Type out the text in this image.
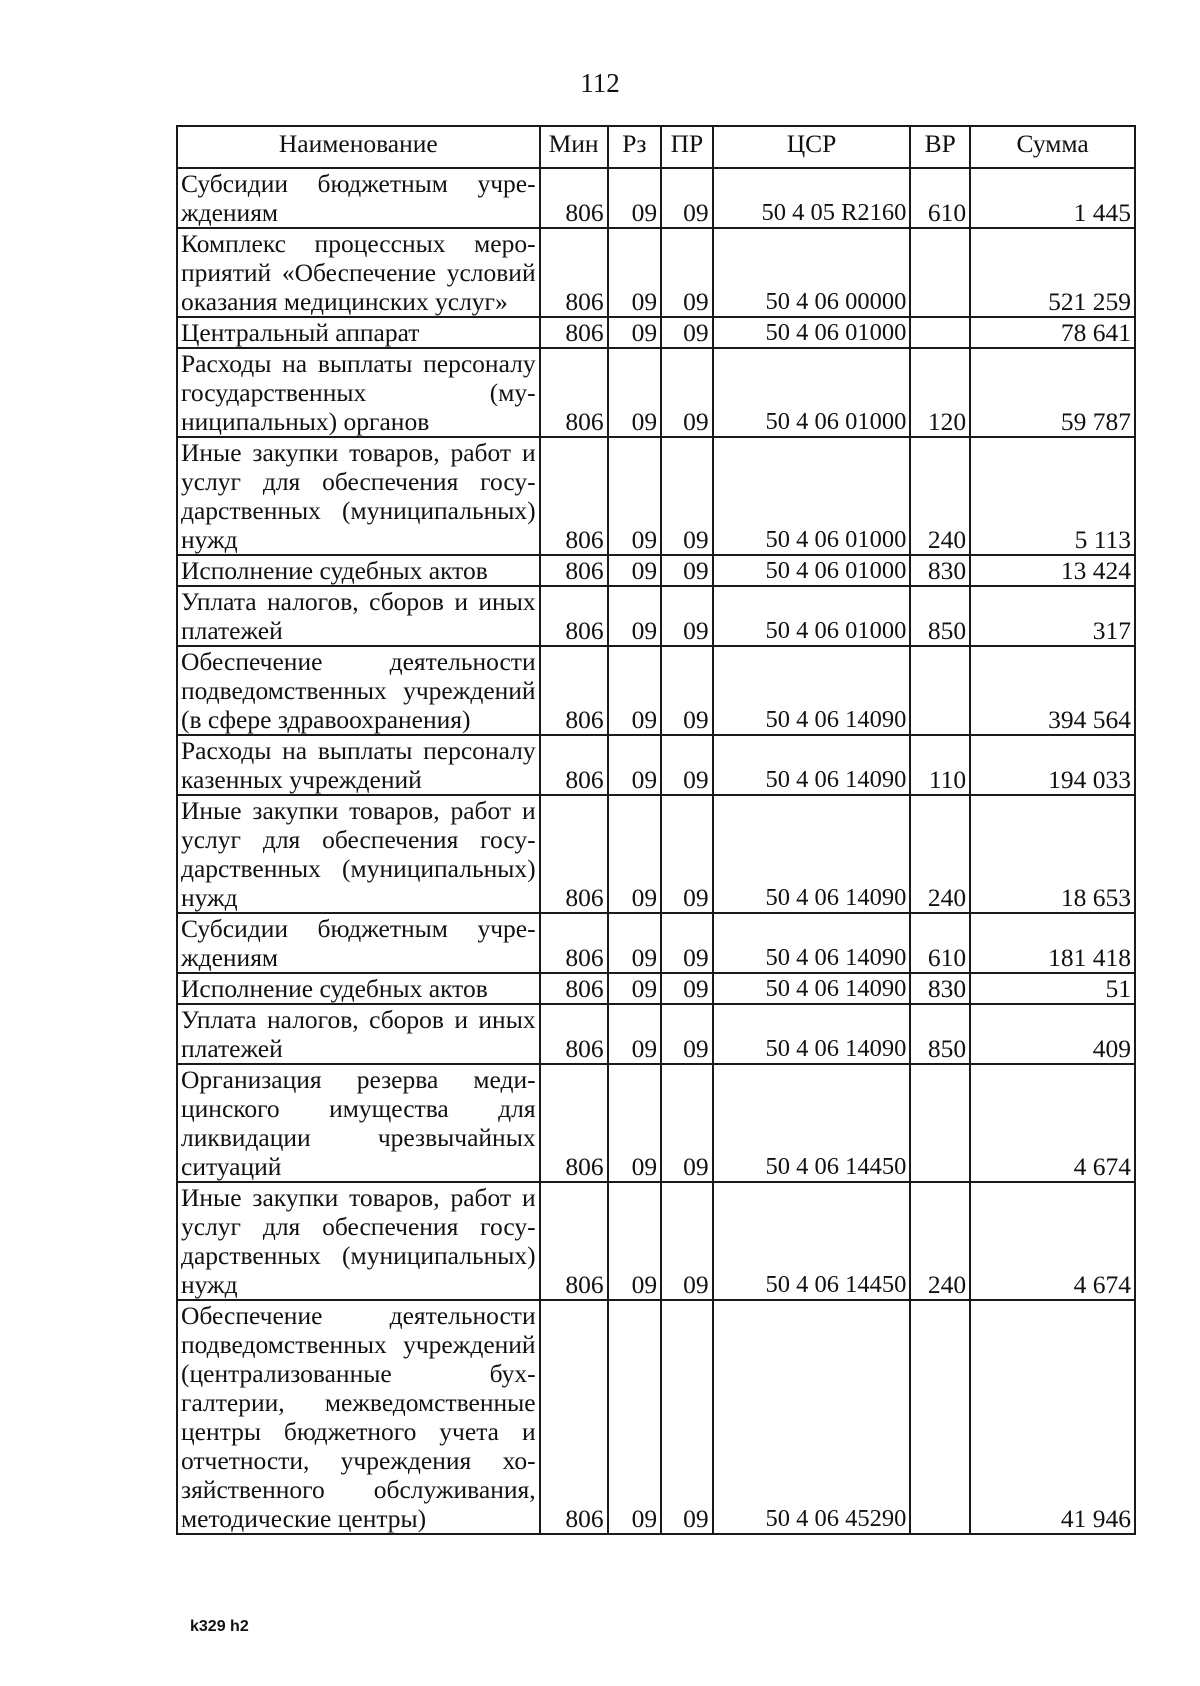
112
Наименование	Мин	Рз	ПР	ЦСР	ВР	Сумма
Субсидии бюджетным учреждениям	806	09	09	50 4 05 R2160	610	1 445
Комплекс процессных мероприятий «Обеспечение условий оказания медицинских услуг»	806	09	09	50 4 06 00000		521 259
Центральный аппарат	806	09	09	50 4 06 01000		78 641
Расходы на выплаты персоналу государственных (муниципальных) органов	806	09	09	50 4 06 01000	120	59 787
Иные закупки товаров, работ и услуг для обеспечения государственных (муниципальных) нужд	806	09	09	50 4 06 01000	240	5 113
Исполнение судебных актов	806	09	09	50 4 06 01000	830	13 424
Уплата налогов, сборов и иных платежей	806	09	09	50 4 06 01000	850	317
Обеспечение деятельности подведомственных учреждений (в сфере здравоохранения)	806	09	09	50 4 06 14090		394 564
Расходы на выплаты персоналу казенных учреждений	806	09	09	50 4 06 14090	110	194 033
Иные закупки товаров, работ и услуг для обеспечения государственных (муниципальных) нужд	806	09	09	50 4 06 14090	240	18 653
Субсидии бюджетным учреждениям	806	09	09	50 4 06 14090	610	181 418
Исполнение судебных актов	806	09	09	50 4 06 14090	830	51
Уплата налогов, сборов и иных платежей	806	09	09	50 4 06 14090	850	409
Организация резерва медицинского имущества для ликвидации чрезвычайных ситуаций	806	09	09	50 4 06 14450		4 674
Иные закупки товаров, работ и услуг для обеспечения государственных (муниципальных) нужд	806	09	09	50 4 06 14450	240	4 674
Обеспечение деятельности подведомственных учреждений (централизованные бухгалтерии, межведомственные центры бюджетного учета и отчетности, учреждения хозяйственного обслуживания, методические центры)	806	09	09	50 4 06 45290		41 946
k329 h2
